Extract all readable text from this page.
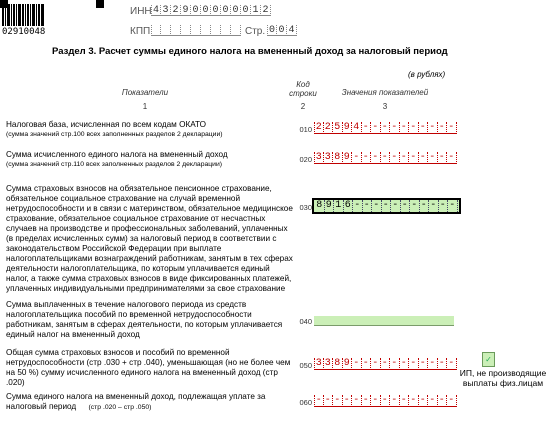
02910048
ИНН 4 3 2 9 0 0 0 0 0 0 1 2
КПП	Стр. 0 0 4
Раздел 3. Расчет суммы единого налога на вмененный доход за налоговый период
(в рублях)
Показатели
Код
строки	Значения показателей
1	2	3
Налоговая база, исчисленная по всем кодам ОКАТО
(сумма значений стр.100 всех заполненных разделов 2 декларации)
010 2 2 5 9 4 - - - - - - - - - -
Сумма исчисленного единого налога на вмененный доход
(сумма значений стр.110 всех заполненных разделов 2 декларации)
020 3 3 8 9 - - - - - - - - - - -
Сумма страховых взносов на обязательное пенсионное страхование, обязательное социальное страхование на случай временной нетрудоспособности и в связи с материнством, обязательное медицинское страхование, обязательное социальное страхование от несчастных случаев на производстве и профессиональных заболеваний, уплаченных (в пределах исчисленных сумм) за налоговый период в соответствии с законодательством Российской Федерации при выплате налогоплательщиками вознаграждений работникам, занятым в тех сферах деятельности налогоплательщика, по которым уплачивается единый налог, а также сумма страховых взносов в виде фиксированных платежей, уплаченных индивидуальными предпринимателями за свое страхование
030 8 9 1 6 - - - - - - - - - - -
Сумма выплаченных в течение налогового периода из средств налогоплательщика пособий по временной нетрудоспособности работникам, занятым в сферах деятельности, по которым уплачивается единый налог на вмененный доход
040
Общая сумма страховых взносов и пособий по временной нетрудоспособности (стр .030 + стр .040), уменьшающая (но не более чем на 50 %) сумму исчисленного единого налога на вмененный доход (стр .020)
050 3 3 8 9 - - - - - - - - - - -
Сумма единого налога на вмененный доход, подлежащая уплате за налоговый период (стр .020 – стр .050)
060 - - - - - - - - - - - - - - -
✓
ИП, не производящие выплаты физ.лицам
